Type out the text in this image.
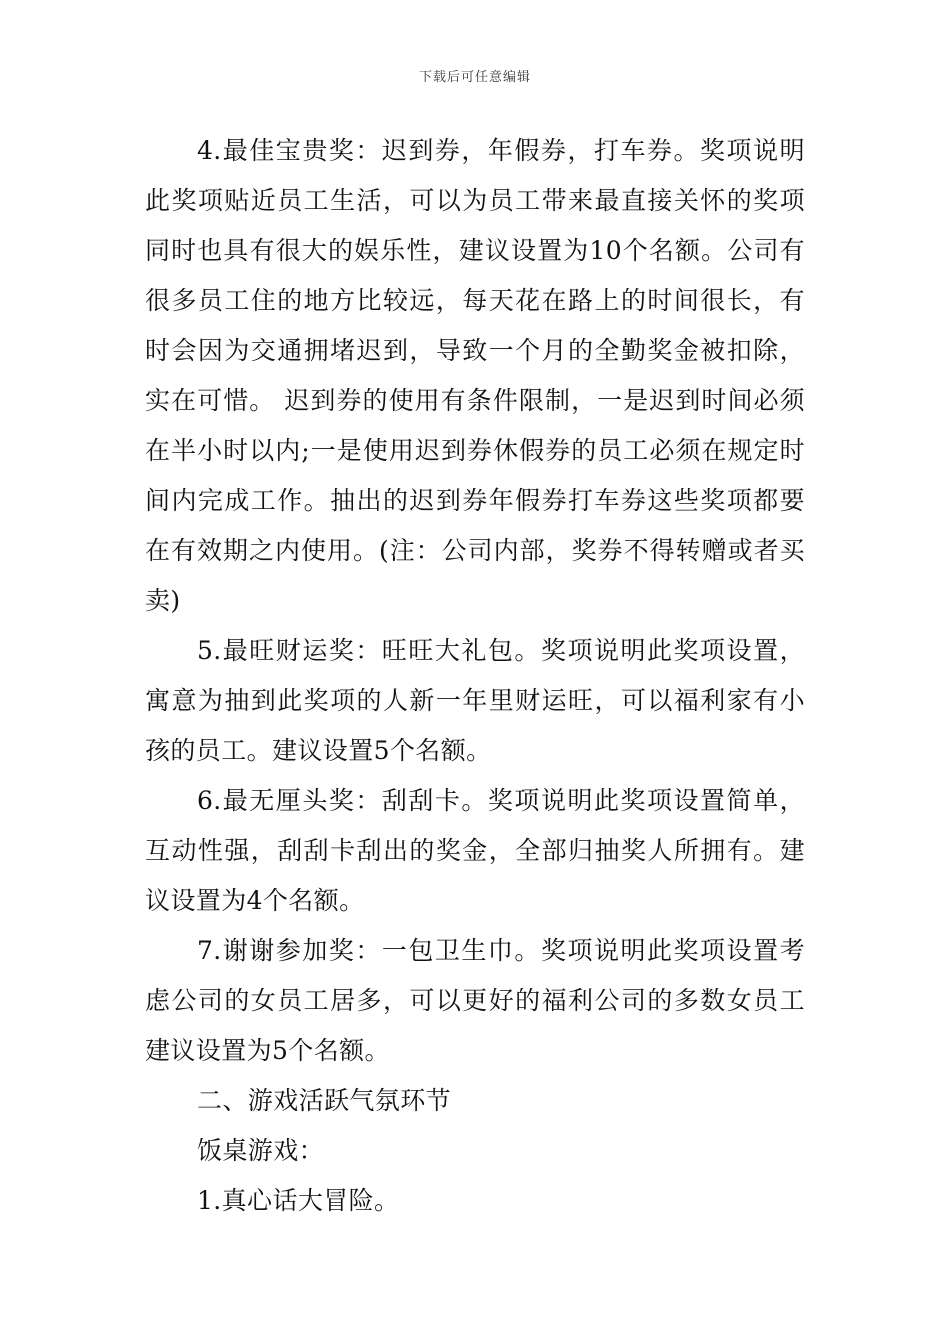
下载后可任意编辑

4.最佳宝贵奖：迟到券，年假券，打车券。奖项说明此奖项贴近员工生活，可以为员工带来最直接关怀的奖项同时也具有很大的娱乐性，建议设置为10个名额。公司有很多员工住的地方比较远，每天花在路上的时间很长，有时会因为交通拥堵迟到，导致一个月的全勤奖金被扣除，实在可惜。 迟到券的使用有条件限制，一是迟到时间必须在半小时以内;一是使用迟到券休假券的员工必须在规定时间内完成工作。抽出的迟到券年假券打车券这些奖项都要在有效期之内使用。(注：公司内部，奖券不得转赠或者买卖)

5.最旺财运奖：旺旺大礼包。奖项说明此奖项设置，寓意为抽到此奖项的人新一年里财运旺，可以福利家有小孩的员工。建议设置5个名额。

6.最无厘头奖：刮刮卡。奖项说明此奖项设置简单，互动性强，刮刮卡刮出的奖金，全部归抽奖人所拥有。建议设置为4个名额。

7.谢谢参加奖：一包卫生巾。奖项说明此奖项设置考虑公司的女员工居多，可以更好的福利公司的多数女员工建议设置为5个名额。

二、游戏活跃气氛环节

饭桌游戏：

1.真心话大冒险。
